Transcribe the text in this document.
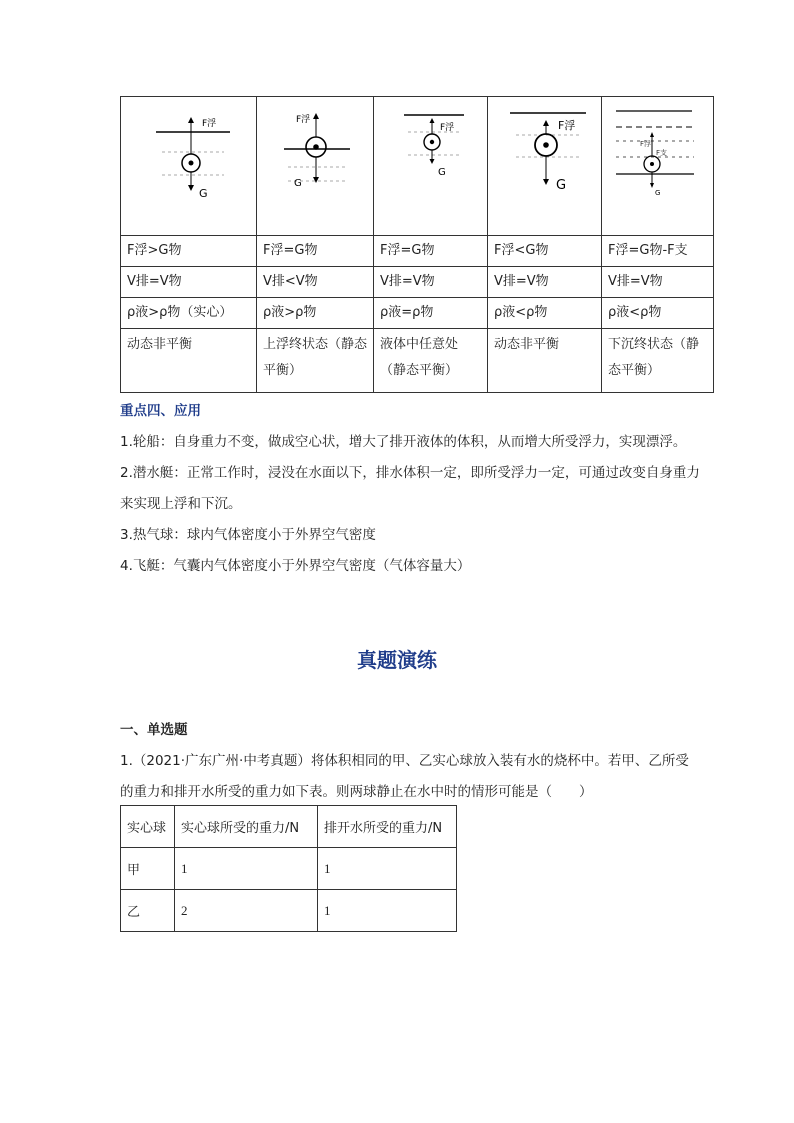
F浮
G	F浮
G	F浮
G	F浮
G	F浮
F支
G

F浮>G物	F浮=G物	F浮=G物	F浮<G物	F浮=G物-F支
V排=V物	V排<V物	V排=V物	V排=V物	V排=V物
ρ液>ρ物（实心）	ρ液>ρ物	ρ液=ρ物	ρ液<ρ物	ρ液<ρ物
动态非平衡	上浮终状态（静态平衡）	液体中任意处（静态平衡）	动态非平衡	下沉终状态（静态平衡）
重点四、应用

1.轮船：自身重力不变，做成空心状，增大了排开液体的体积，从而增大所受浮力，实现漂浮。

2.潜水艇：正常工作时，浸没在水面以下，排水体积一定，即所受浮力一定，可通过改变自身重力来实现上浮和下沉。

3.热气球：球内气体密度小于外界空气密度

4.飞艇：气囊内气体密度小于外界空气密度（气体容量大）

真题演练
一、单选题

1.（2021·广东广州·中考真题）将体积相同的甲、乙实心球放入装有水的烧杯中。若甲、乙所受的重力和排开水所受的重力如下表。则两球静止在水中时的情形可能是（　　）

实心球	实心球所受的重力/N	排开水所受的重力/N
甲	1	1
乙	2	1
